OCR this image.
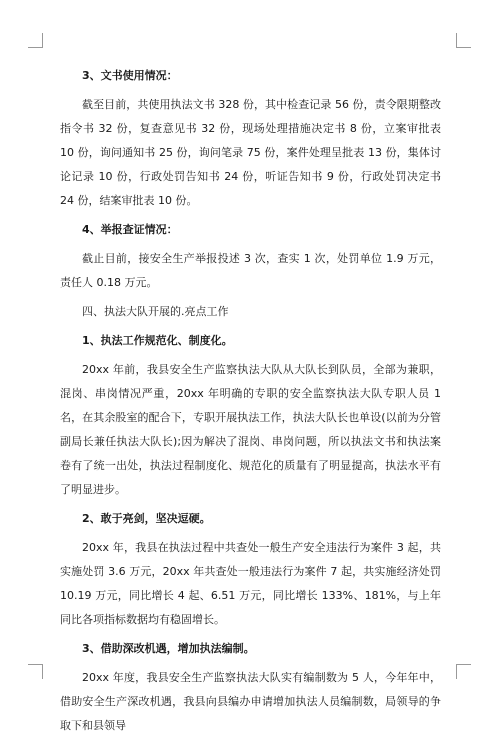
3、文书使用情况：

截至目前，共使用执法文书 328 份，其中检查记录 56 份，责令限期整改指令书 32 份，复查意见书 32 份，现场处理措施决定书 8 份，立案审批表 10 份，询问通知书 25 份，询问笔录 75 份，案件处理呈批表 13 份，集体讨论记录 10 份，行政处罚告知书 24 份，听证告知书 9 份，行政处罚决定书 24 份，结案审批表 10 份。

4、举报查证情况：

截止目前，接安全生产举报投述 3 次，查实 1 次，处罚单位 1.9 万元，责任人 0.18 万元。

四、执法大队开展的.亮点工作

1、执法工作规范化、制度化。

20xx 年前，我县安全生产监察执法大队从大队长到队员，全部为兼职，混岗、串岗情况严重，20xx 年明确的专职的安全监察执法大队专职人员 1 名，在其余股室的配合下，专职开展执法工作，执法大队长也单设(以前为分管副局长兼任执法大队长);因为解决了混岗、串岗问题，所以执法文书和执法案卷有了统一出处，执法过程制度化、规范化的质量有了明显提高，执法水平有了明显进步。

2、敢于亮剑，坚决逗硬。

20xx 年，我县在执法过程中共查处一般生产安全违法行为案件 3 起，共实施处罚 3.6 万元，20xx 年共查处一般违法行为案件 7 起，共实施经济处罚 10.19 万元，同比增长 4 起、6.51 万元，同比增长 133%、181%，与上年同比各项指标数据均有稳固增长。

3、借助深改机遇，增加执法编制。

20xx 年度，我县安全生产监察执法大队实有编制数为 5 人，今年年中，借助安全生产深改机遇，我县向县编办申请增加执法人员编制数，局领导的争取下和县领导
